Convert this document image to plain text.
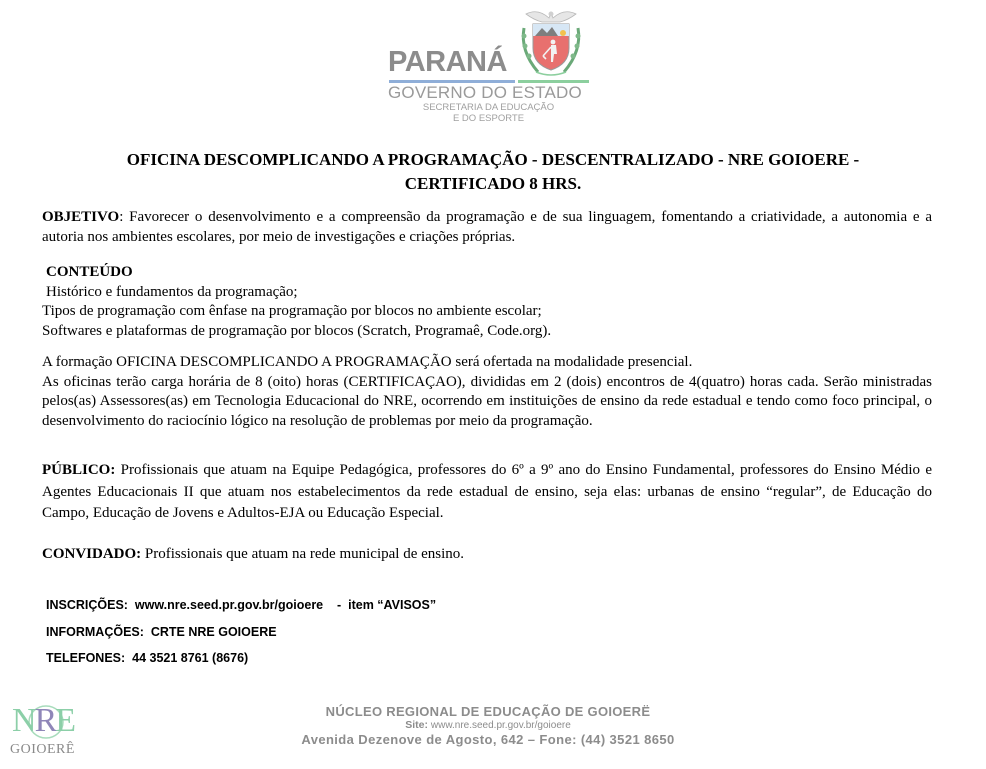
PARANÁ
GOVERNO DO ESTADO
SECRETARIA DA EDUCAÇÃO
E DO ESPORTE
OFICINA DESCOMPLICANDO A PROGRAMAÇÃO - DESCENTRALIZADO - NRE GOIOERE -
CERTIFICADO 8 HRS.
OBJETIVO: Favorecer o desenvolvimento e a compreensão da programação e de sua linguagem, fomentando a criatividade, a autonomia e a autoria nos ambientes escolares, por meio de investigações e criações próprias.
CONTEÚDO
Histórico e fundamentos da programação;
Tipos de programação com ênfase na programação por blocos no ambiente escolar;
Softwares e plataformas de programação por blocos (Scratch, Programaê, Code.org).
A formação OFICINA DESCOMPLICANDO A PROGRAMAÇÃO será ofertada na modalidade presencial.
As oficinas terão carga horária de 8 (oito) horas (CERTIFICAÇAO), divididas em 2 (dois) encontros de 4(quatro) horas cada. Serão ministradas pelos(as) Assessores(as) em Tecnologia Educacional do NRE, ocorrendo em instituições de ensino da rede estadual e tendo como foco principal, o desenvolvimento do raciocínio lógico na resolução de problemas por meio da programação.
PÚBLICO: Profissionais que atuam na Equipe Pedagógica, professores do 6º a 9º ano do Ensino Fundamental, professores do Ensino Médio e Agentes Educacionais II que atuam nos estabelecimentos da rede estadual de ensino, seja elas: urbanas de ensino “regular”, de Educação do Campo, Educação de Jovens e Adultos-EJA ou Educação Especial.
CONVIDADO: Profissionais que atuam na rede municipal de ensino.
INSCRIÇÕES:  www.nre.seed.pr.gov.br/goioere    -  item “AVISOS”
INFORMAÇÕES:  CRTE NRE GOIOERE
TELEFONES:  44 3521 8761 (8676)
NRE
GOIOERÊ
NÚCLEO REGIONAL DE EDUCAÇÃO DE GOIOERË
Site: www.nre.seed.pr.gov.br/goioere
Avenida Dezenove de Agosto, 642 – Fone: (44) 3521 8650
